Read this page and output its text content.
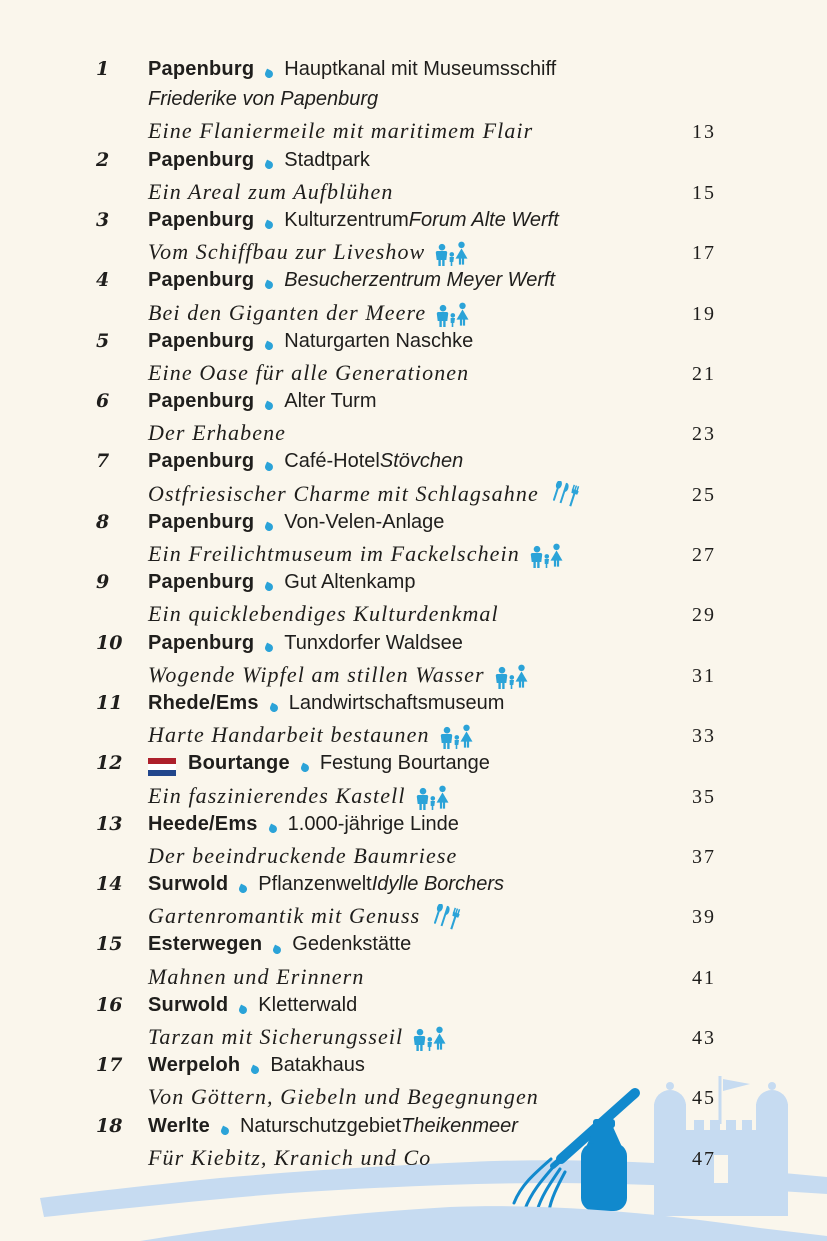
1	Papenburg Hauptkanal mit Museumsschiff
Friederike von Papenburg
Eine Flaniermeile mit maritimem Flair	13
2	Papenburg Stadtpark
Ein Areal zum Aufblühen	15
3	Papenburg Kulturzentrum Forum Alte Werft
Vom Schiffbau zur Liveshow	17
4	Papenburg Besucherzentrum Meyer Werft
Bei den Giganten der Meere	19
5	Papenburg Naturgarten Naschke
Eine Oase für alle Generationen	21
6	Papenburg Alter Turm
Der Erhabene	23
7	Papenburg Café-Hotel Stövchen
Ostfriesischer Charme mit Schlagsahne	25
8	Papenburg Von-Velen-Anlage
Ein Freilichtmuseum im Fackelschein	27
9	Papenburg Gut Altenkamp
Ein quicklebendiges Kulturdenkmal	29
10	Papenburg Tunxdorfer Waldsee
Wogende Wipfel am stillen Wasser	31
11	Rhede/Ems Landwirtschaftsmuseum
Harte Handarbeit bestaunen	33
12	Bourtange Festung Bourtange
Ein faszinierendes Kastell	35
13	Heede/Ems 1.000-jährige Linde
Der beeindruckende Baumriese	37
14	Surwold Pflanzenwelt Idylle Borchers
Gartenromantik mit Genuss	39
15	Esterwegen Gedenkstätte
Mahnen und Erinnern	41
16	Surwold Kletterwald
Tarzan mit Sicherungsseil	43
17	Werpeloh Batakhaus
Von Göttern, Giebeln und Begegnungen	45
18	Werlte Naturschutzgebiet Theikenmeer
Für Kiebitz, Kranich und Co	47
